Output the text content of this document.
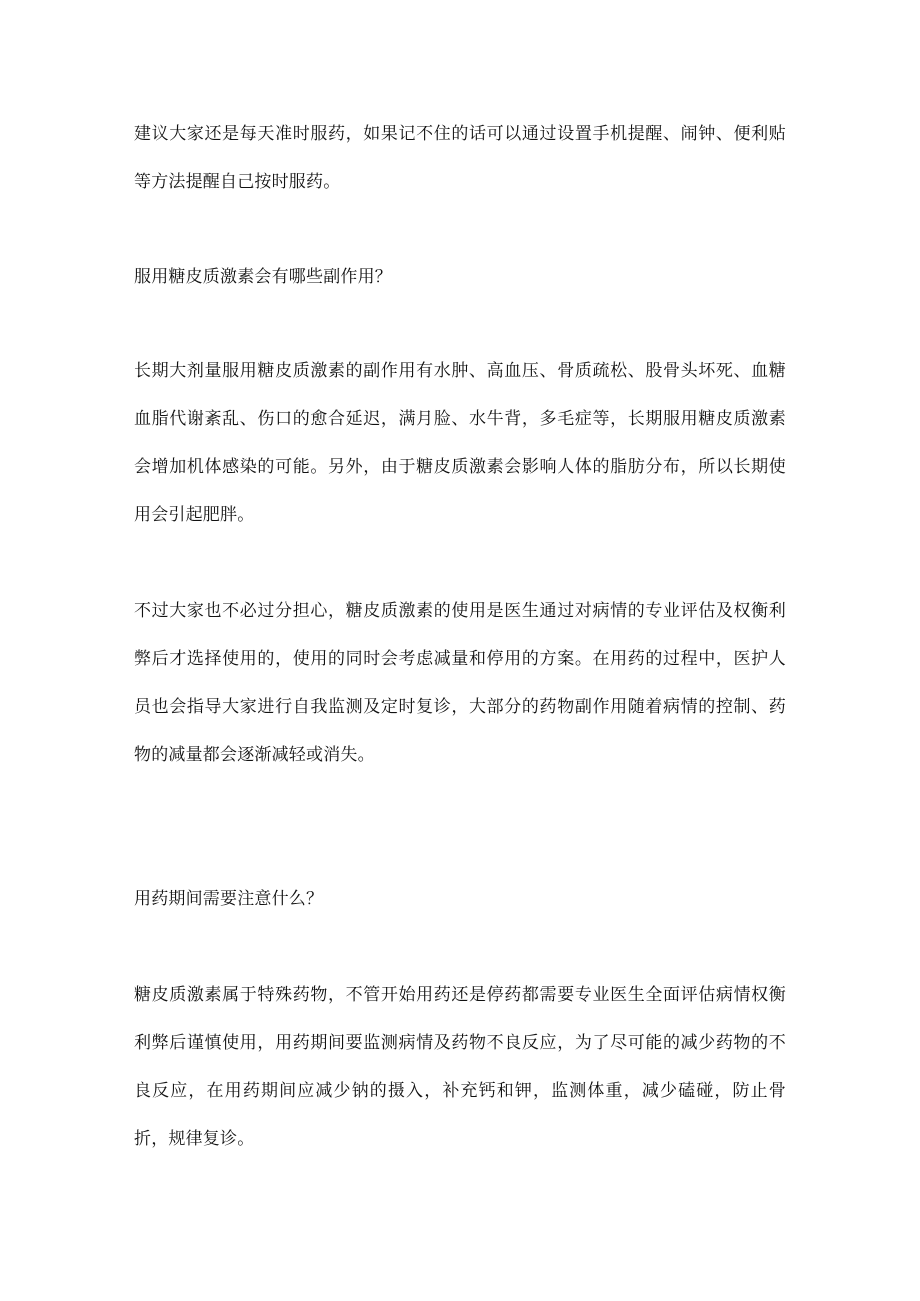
建议大家还是每天准时服药，如果记不住的话可以通过设置手机提醒、闹钟、便利贴等方法提醒自己按时服药。

服用糖皮质激素会有哪些副作用？

长期大剂量服用糖皮质激素的副作用有水肿、高血压、骨质疏松、股骨头坏死、血糖血脂代谢紊乱、伤口的愈合延迟，满月脸、水牛背，多毛症等，长期服用糖皮质激素会增加机体感染的可能。另外，由于糖皮质激素会影响人体的脂肪分布，所以长期使用会引起肥胖。

不过大家也不必过分担心，糖皮质激素的使用是医生通过对病情的专业评估及权衡利弊后才选择使用的，使用的同时会考虑减量和停用的方案。在用药的过程中，医护人员也会指导大家进行自我监测及定时复诊，大部分的药物副作用随着病情的控制、药物的减量都会逐渐减轻或消失。

用药期间需要注意什么？

糖皮质激素属于特殊药物，不管开始用药还是停药都需要专业医生全面评估病情权衡利弊后谨慎使用，用药期间要监测病情及药物不良反应，为了尽可能的减少药物的不良反应，在用药期间应减少钠的摄入，补充钙和钾，监测体重，减少磕碰，防止骨折，规律复诊。
